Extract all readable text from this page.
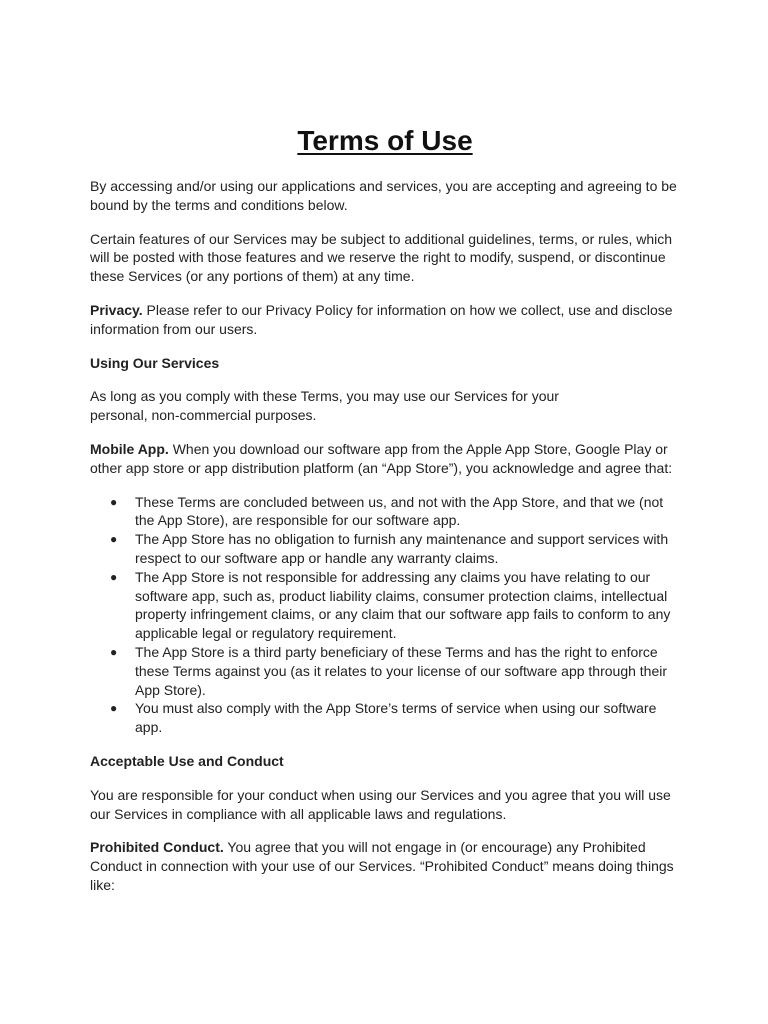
Terms of Use

By accessing and/or using our applications and services, you are accepting and agreeing to be bound by the terms and conditions below.

Certain features of our Services may be subject to additional guidelines, terms, or rules, which will be posted with those features and we reserve the right to modify, suspend, or discontinue these Services (or any portions of them) at any time.

Privacy. Please refer to our Privacy Policy for information on how we collect, use and disclose information from our users.

Using Our Services

As long as you comply with these Terms, you may use our Services for your personal, non-commercial purposes.

Mobile App. When you download our software app from the Apple App Store, Google Play or other app store or app distribution platform (an “App Store”), you acknowledge and agree that:

● These Terms are concluded between us, and not with the App Store, and that we (not the App Store), are responsible for our software app.
● The App Store has no obligation to furnish any maintenance and support services with respect to our software app or handle any warranty claims.
● The App Store is not responsible for addressing any claims you have relating to our software app, such as, product liability claims, consumer protection claims, intellectual property infringement claims, or any claim that our software app fails to conform to any applicable legal or regulatory requirement.
● The App Store is a third party beneficiary of these Terms and has the right to enforce these Terms against you (as it relates to your license of our software app through their App Store).
● You must also comply with the App Store’s terms of service when using our software app.

Acceptable Use and Conduct

You are responsible for your conduct when using our Services and you agree that you will use our Services in compliance with all applicable laws and regulations.

Prohibited Conduct. You agree that you will not engage in (or encourage) any Prohibited Conduct in connection with your use of our Services. “Prohibited Conduct” means doing things like:
